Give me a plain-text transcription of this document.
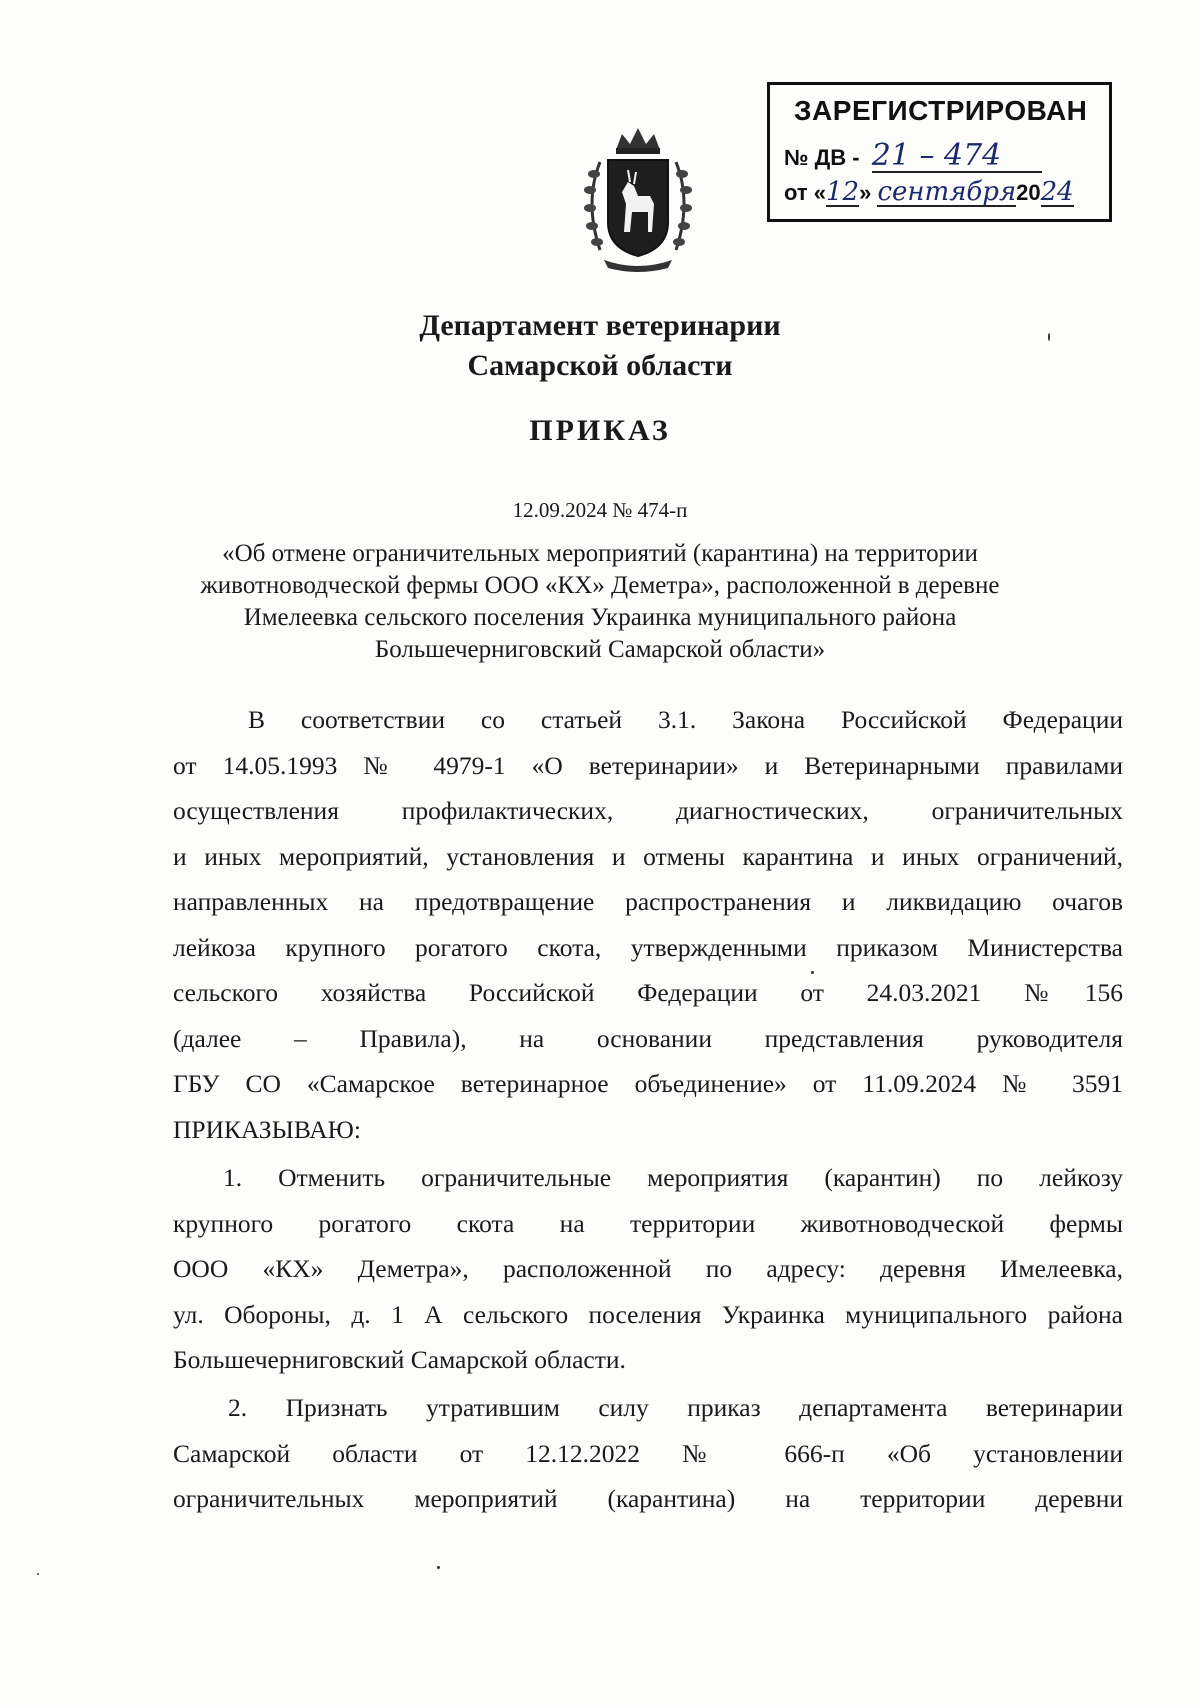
ЗАРЕГИСТРИРОВАН
№ ДВ - 21 – 474
от «12» сентября2024
Департамент ветеринарии
Самарской области
ПРИКАЗ
12.09.2024 № 474-п
«Об отмене ограничительных мероприятий (карантина) на территории
животноводческой фермы ООО «КХ» Деметра», расположенной в деревне
Имелеевка сельского поселения Украинка муниципального района
Большечерниговский Самарской области»
В соответствии со статьей 3.1. Закона Российской Федерации
от 14.05.1993 № 4979-1 «О ветеринарии» и Ветеринарными правилами
осуществления профилактических, диагностических, ограничительных
и иных мероприятий, установления и отмены карантина и иных ограничений,
направленных на предотвращение распространения и ликвидацию очагов
лейкоза крупного рогатого скота, утвержденными приказом Министерства
сельского хозяйства Российской Федерации от 24.03.2021 №156
(далее – Правила), на основании представления руководителя
ГБУ СО «Самарское ветеринарное объединение» от 11.09.2024 № 3591
ПРИКАЗЫВАЮ:
1. Отменить ограничительные мероприятия (карантин) по лейкозу
крупного рогатого скота на территории животноводческой фермы
ООО «КХ» Деметра», расположенной по адресу: деревня Имелеевка,
ул. Обороны, д. 1 А сельского поселения Украинка муниципального района
Большечерниговский Самарской области.
2. Признать утратившим силу приказ департамента ветеринарии
Самарской области от 12.12.2022 № 666-п «Об установлении
ограничительных мероприятий (карантина) на территории деревни
